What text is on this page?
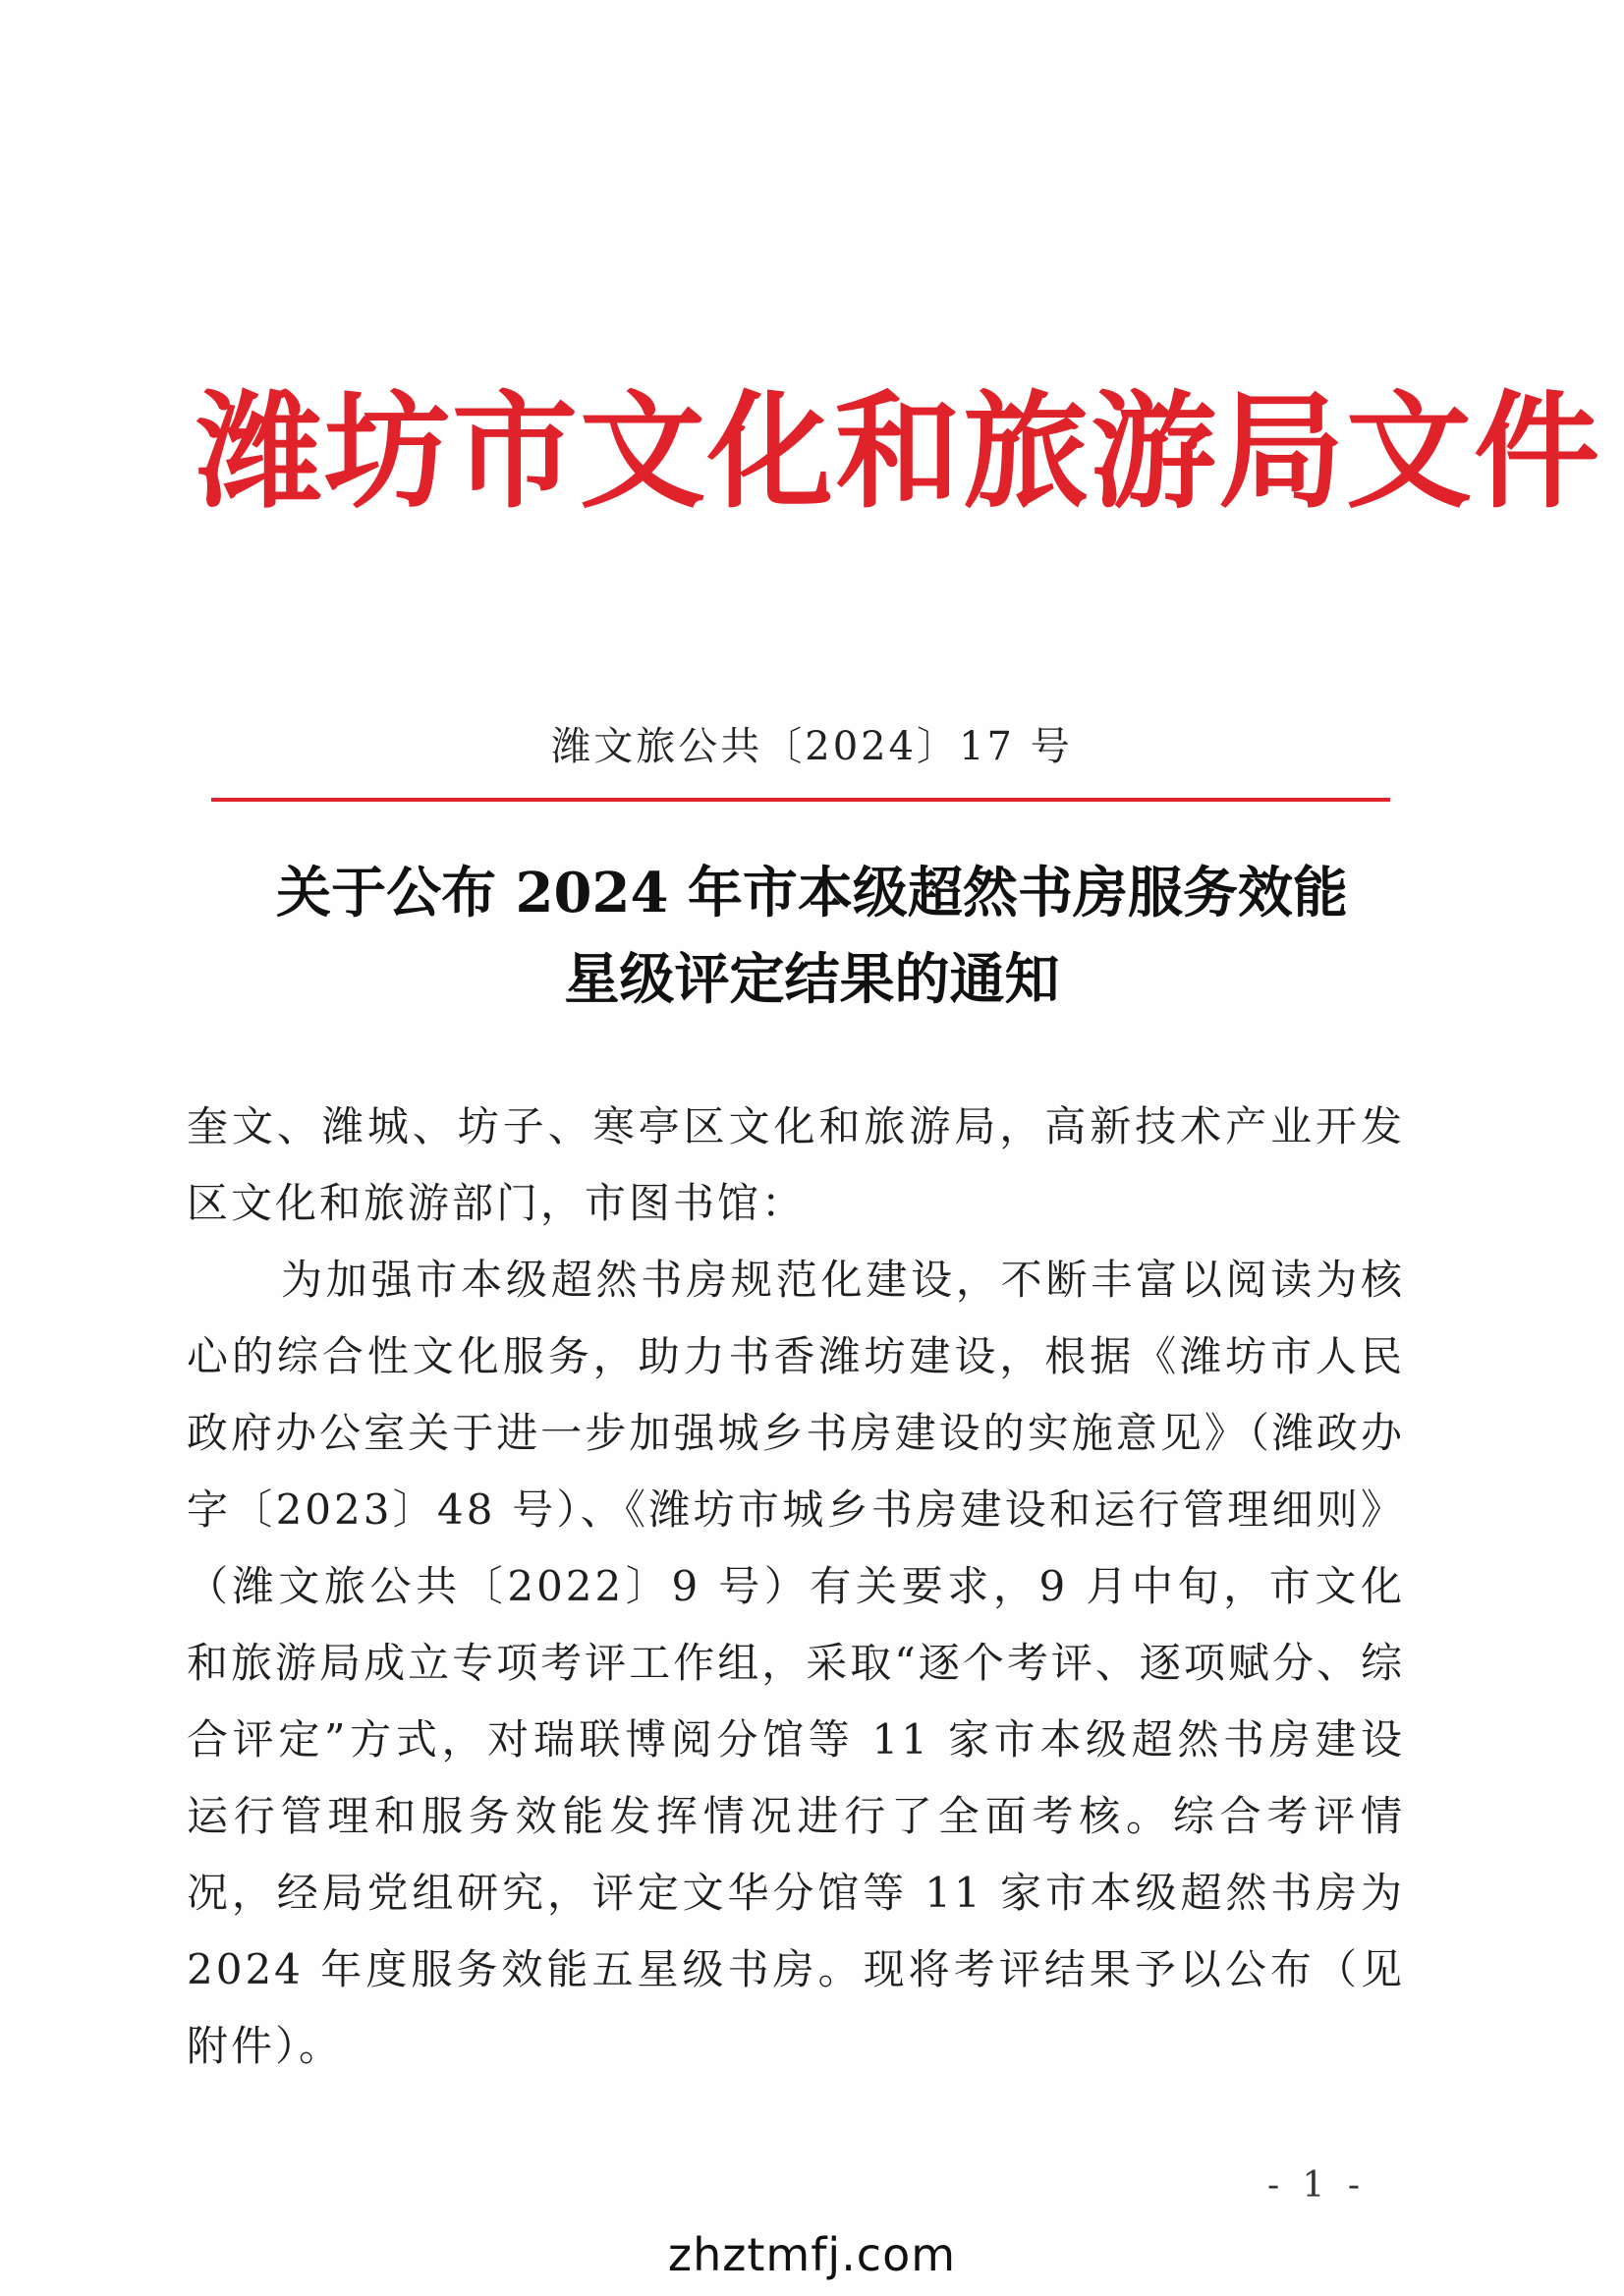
潍坊市文化和旅游局文件
潍文旅公共〔2024〕17 号
关于公布 2024 年市本级超然书房服务效能
星级评定结果的通知

奎文、潍城、坊子、寒亭区文化和旅游局，高新技术产业开发区文化和旅游部门，市图书馆：

为加强市本级超然书房规范化建设，不断丰富以阅读为核心的综合性文化服务，助力书香潍坊建设，根据《潍坊市人民政府办公室关于进一步加强城乡书房建设的实施意见》（潍政办字〔2023〕48 号）、《潍坊市城乡书房建设和运行管理细则》（潍文旅公共〔2022〕9 号）有关要求，9 月中旬，市文化和旅游局成立专项考评工作组，采取“逐个考评、逐项赋分、综合评定”方式，对瑞联博阅分馆等 11 家市本级超然书房建设运行管理和服务效能发挥情况进行了全面考核。综合考评情况，经局党组研究，评定文华分馆等 11 家市本级超然书房为 2024 年度服务效能五星级书房。现将考评结果予以公布（见附件）。

- 1 -
zhztmfj.com
